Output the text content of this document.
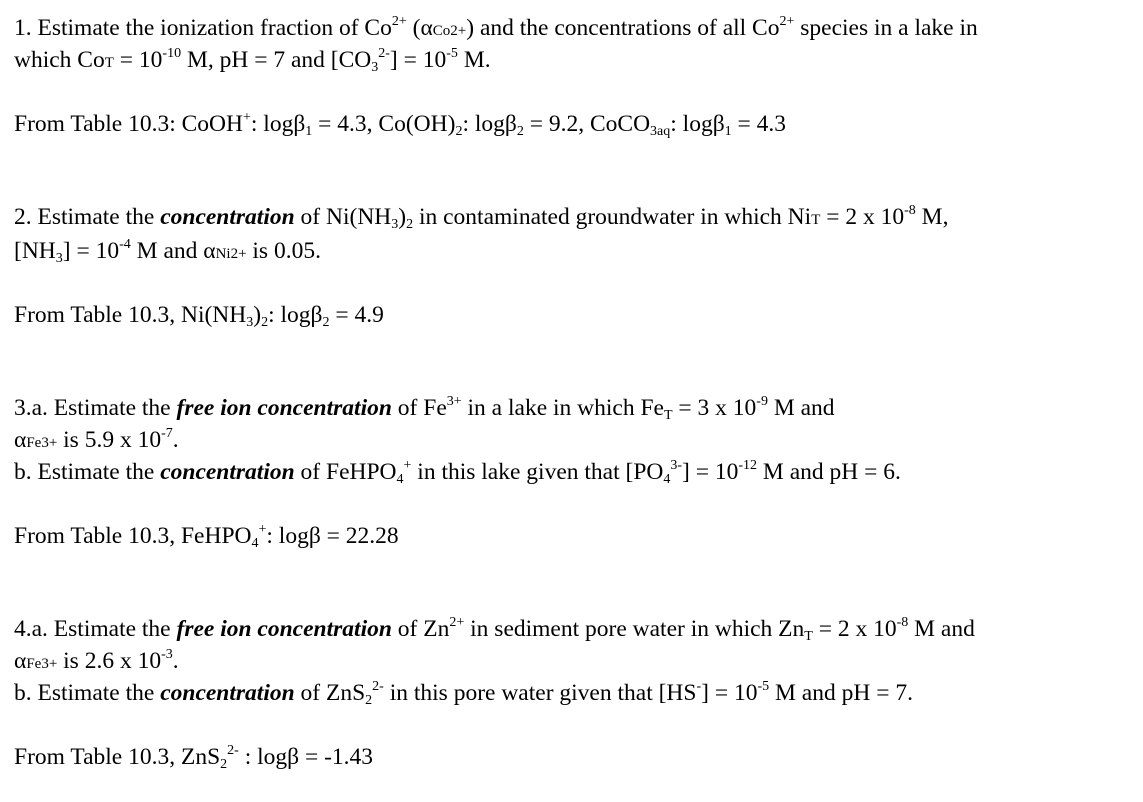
1. Estimate the ionization fraction of $Co^{2+}$ (αCo2+) and the concentrations of all $Co^{2+}$ species in a lake in
which CoT = $10^{-10}$ M, pH = 7 and $[CO_3^{2-}] = 10^{-5}$ M.
From Table 10.3: CoOH+: logβ$_1$ = 4.3, $Co(OH)_2$: logβ$_2$ = 9.2, CoCO$_{3aq}$: logβ$_1$ = 4.3
2. Estimate the concentration of $Ni(NH_3)_2$ in contaminated groundwater in which NiT = 2 x $10^{-8}$ M,
$[NH_3] = 10^{-4}$ M and αNi2+ is 0.05.
From Table 10.3, $Ni(NH_3)_2$: logβ$_2$ = 4.9
3.a. Estimate the free ion concentration of $Fe^{3+}$ in a lake in which $Fe_T = 3$ x $10^{-9}$ M and
αFe3+ is 5.9 x $10^{-7}$.
b. Estimate the concentration of FeHPO$_4$+ in this lake given that $[PO_4^{3-}] = 10^{-12}$ M and pH = 6.
From Table 10.3, FeHPO$_4$+: logβ = 22.28
4.a. Estimate the free ion concentration of $Zn^{2+}$ in sediment pore water in which $Zn_T = 2$ x $10^{-8}$ M and
αFe3+ is 2.6 x $10^{-3}$.
b. Estimate the concentration of ZnS$_2^{2-}$ in this pore water given that $[HS^-] = 10^{-5}$ M and pH = 7.
From Table 10.3, ZnS$_2^{2-}$ : logβ = -1.43
